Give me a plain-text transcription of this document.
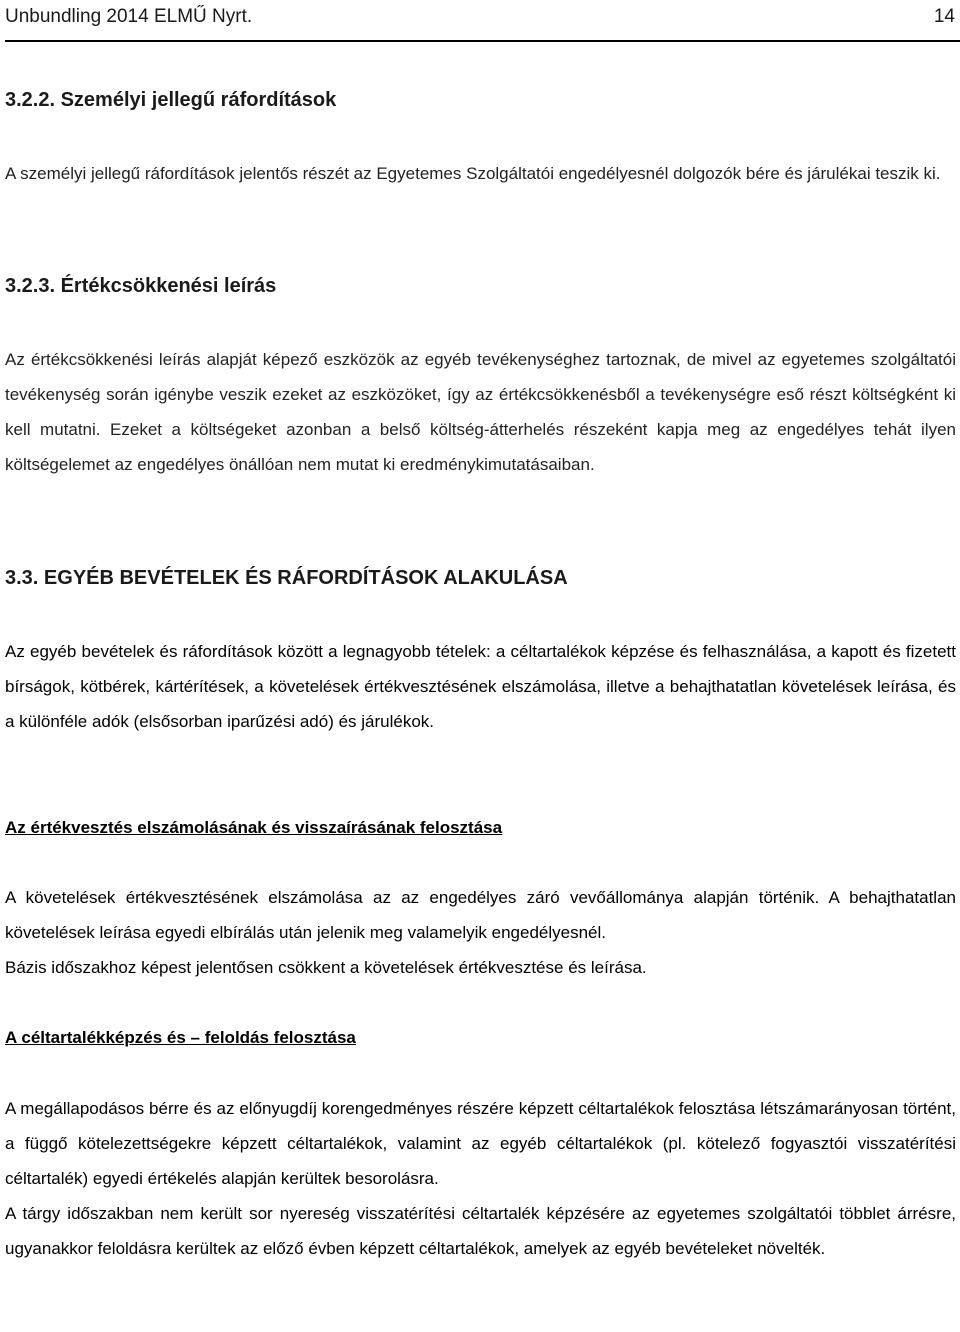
Unbundling 2014 ELMŰ Nyrt.	14
3.2.2. Személyi jellegű ráfordítások

A személyi jellegű ráfordítások jelentős részét az Egyetemes Szolgáltatói engedélyesnél dolgozók bére és járulékai teszik ki.

3.2.3. Értékcsökkenési leírás

Az értékcsökkenési leírás alapját képező eszközök az egyéb tevékenységhez tartoznak, de mivel az egyetemes szolgáltatói tevékenység során igénybe veszik ezeket az eszközöket, így az értékcsökkenésből a tevékenységre eső részt költségként ki kell mutatni. Ezeket a költségeket azonban a belső költség-átterhelés részeként kapja meg az engedélyes tehát ilyen költségelemet az engedélyes önállóan nem mutat ki eredménykimutatásaiban.

3.3. EGYÉB BEVÉTELEK ÉS RÁFORDÍTÁSOK ALAKULÁSA

Az egyéb bevételek és ráfordítások között a legnagyobb tételek: a céltartalékok képzése és felhasználása, a kapott és fizetett bírságok, kötbérek, kártérítések, a követelések értékvesztésének elszámolása, illetve a behajthatatlan követelések leírása, és a különféle adók (elsősorban iparűzési adó) és járulékok.

Az értékvesztés elszámolásának és visszaírásának felosztása

A követelések értékvesztésének elszámolása az az engedélyes záró vevőállománya alapján történik. A behajthatatlan követelések leírása egyedi elbírálás után jelenik meg valamelyik engedélyesnél.

Bázis időszakhoz képest jelentősen csökkent a követelések értékvesztése és leírása.

A céltartalékképzés és – feloldás felosztása

A megállapodásos bérre és az előnyugdíj korengedményes részére képzett céltartalékok felosztása létszámarányosan történt, a függő kötelezettségekre képzett céltartalékok, valamint az egyéb céltartalékok (pl. kötelező fogyasztói visszatérítési céltartalék) egyedi értékelés alapján kerültek besorolásra.

A tárgy időszakban nem került sor nyereség visszatérítési céltartalék képzésére az egyetemes szolgáltatói többlet árrésre, ugyanakkor feloldásra kerültek az előző évben képzett céltartalékok, amelyek az egyéb bevételeket növelték.
